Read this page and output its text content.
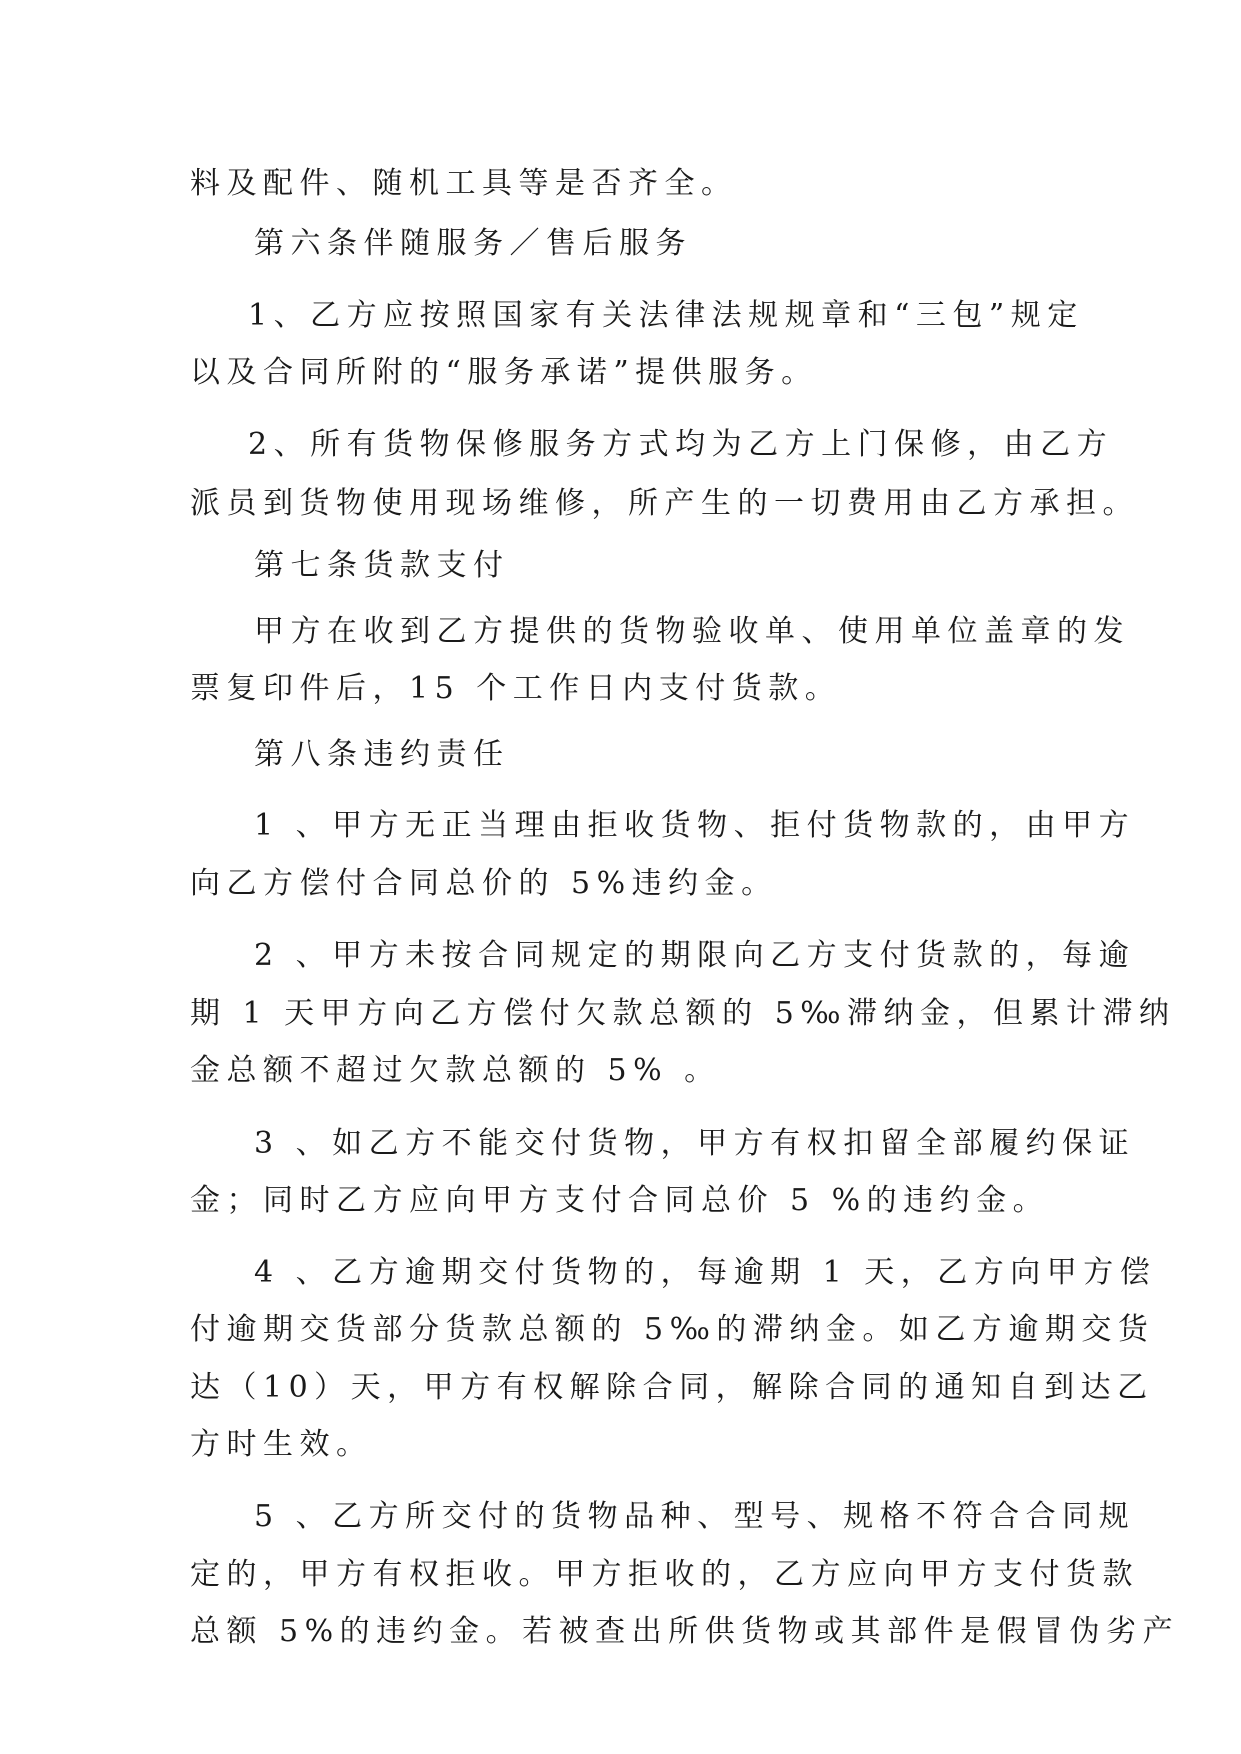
料及配件、随机工具等是否齐全。
第六条伴随服务／售后服务
1、乙方应按照国家有关法律法规规章和“三包”规定
以及合同所附的“服务承诺”提供服务。
2、所有货物保修服务方式均为乙方上门保修，由乙方
派员到货物使用现场维修，所产生的一切费用由乙方承担。
第七条货款支付
甲方在收到乙方提供的货物验收单、使用单位盖章的发
票复印件后，15 个工作日内支付货款。
第八条违约责任
1 、甲方无正当理由拒收货物、拒付货物款的，由甲方
向乙方偿付合同总价的 5%违约金。
2 、甲方未按合同规定的期限向乙方支付货款的，每逾
期 1 天甲方向乙方偿付欠款总额的 5‰滞纳金，但累计滞纳
金总额不超过欠款总额的 5% 。
3 、如乙方不能交付货物，甲方有权扣留全部履约保证
金；同时乙方应向甲方支付合同总价 5 %的违约金。
4 、乙方逾期交付货物的，每逾期 1 天，乙方向甲方偿
付逾期交货部分货款总额的 5‰的滞纳金。如乙方逾期交货
达（10）天，甲方有权解除合同，解除合同的通知自到达乙
方时生效。
5 、乙方所交付的货物品种、型号、规格不符合合同规
定的，甲方有权拒收。甲方拒收的，乙方应向甲方支付货款
总额 5%的违约金。若被查出所供货物或其部件是假冒伪劣产
